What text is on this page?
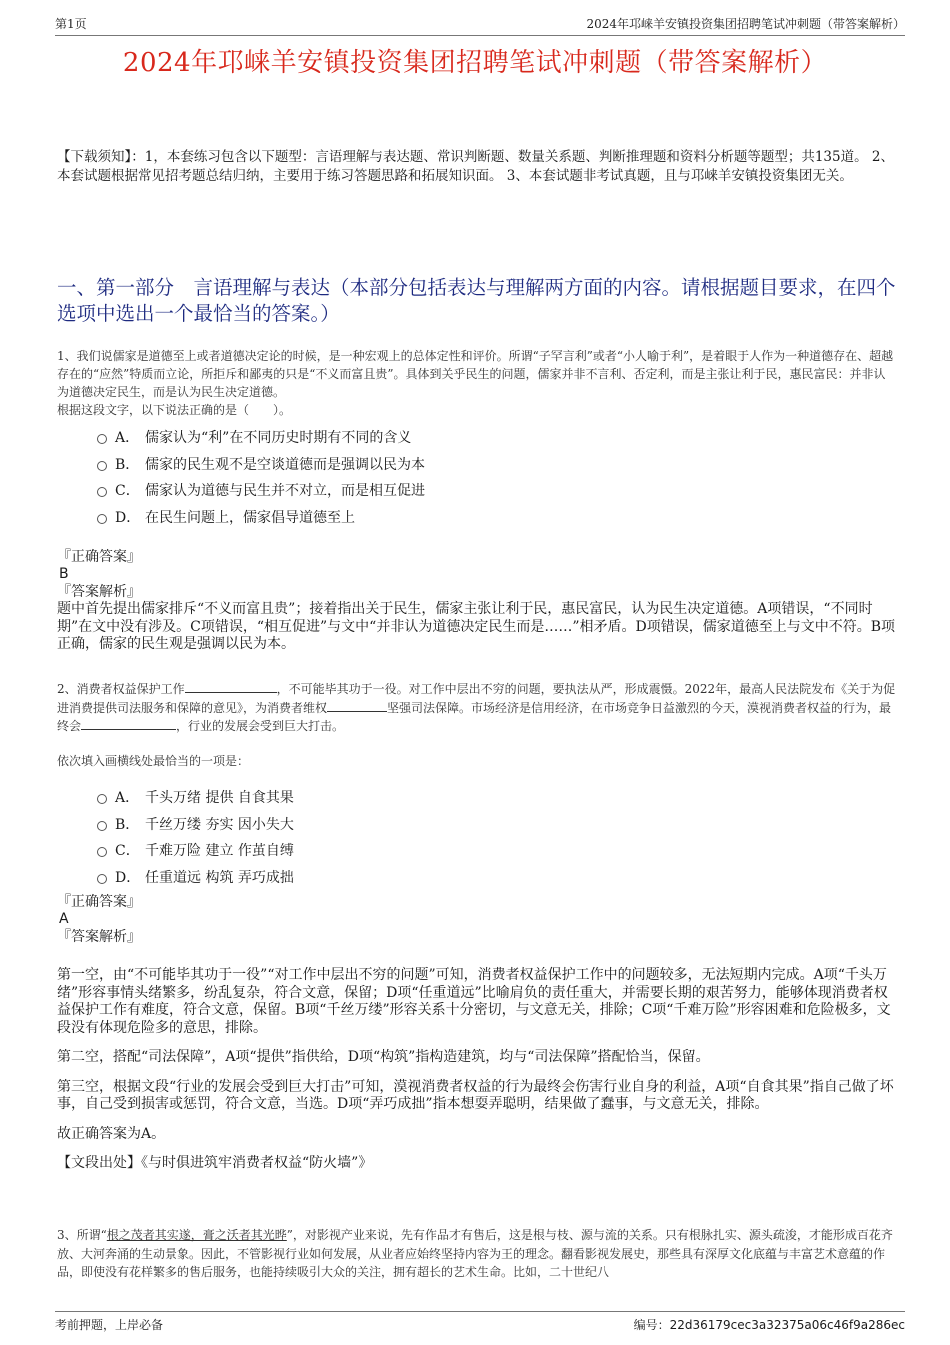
第1页	2024年邛崃羊安镇投资集团招聘笔试冲刺题（带答案解析）
2024年邛崃羊安镇投资集团招聘笔试冲刺题（带答案解析）

【下载须知】：1，本套练习包含以下题型：言语理解与表达题、常识判断题、数量关系题、判断推理题和资料分析题等题型；共135道。 2、本套试题根据常见招考题总结归纳，主要用于练习答题思路和拓展知识面。 3、本套试题非考试真题，且与邛崃羊安镇投资集团无关。

一、第一部分　言语理解与表达（本部分包括表达与理解两方面的内容。请根据题目要求，在四个选项中选出一个最恰当的答案。）

1、我们说儒家是道德至上或者道德决定论的时候，是一种宏观上的总体定性和评价。所谓“子罕言利”或者“小人喻于利”，是着眼于人作为一种道德存在、超越存在的“应然”特质而立论，所拒斥和鄙夷的只是“不义而富且贵”。具体到关乎民生的问题，儒家并非不言利、否定利，而是主张让利于民，惠民富民：并非认为道德决定民生，而是认为民生决定道德。

根据这段文字，以下说法正确的是（　　）。

A． 儒家认为“利”在不同历史时期有不同的含义
B． 儒家的民生观不是空谈道德而是强调以民为本
C． 儒家认为道德与民生并不对立，而是相互促进
D． 在民生问题上，儒家倡导道德至上

『正确答案』

B

『答案解析』

题中首先提出儒家排斥“不义而富且贵”；接着指出关于民生，儒家主张让利于民，惠民富民，认为民生决定道德。A项错误，“不同时期”在文中没有涉及。C项错误，“相互促进”与文中“并非认为道德决定民生而是……”相矛盾。D项错误，儒家道德至上与文中不符。B项正确，儒家的民生观是强调以民为本。

2、消费者权益保护工作	，不可能毕其功于一役。对工作中层出不穷的问题，要执法从严，形成震慑。2022年，最高人民法院发布《关于为促进消费提供司法服务和保障的意见》，为消费者维权	坚强司法保障。市场经济是信用经济，在市场竞争日益激烈的今天，漠视消费者权益的行为，最终会	，行业的发展会受到巨大打击。

依次填入画横线处最恰当的一项是：

A． 千头万绪 提供 自食其果
B． 千丝万缕 夯实 因小失大
C． 千难万险 建立 作茧自缚
D． 任重道远 构筑 弄巧成拙

『正确答案』

A

『答案解析』

第一空，由“不可能毕其功于一役”“对工作中层出不穷的问题”可知，消费者权益保护工作中的问题较多，无法短期内完成。A项“千头万绪”形容事情头绪繁多，纷乱复杂，符合文意，保留；D项“任重道远”比喻肩负的责任重大，并需要长期的艰苦努力，能够体现消费者权益保护工作有难度，符合文意，保留。B项“千丝万缕”形容关系十分密切，与文意无关，排除；C项“千难万险”形容困难和危险极多，文段没有体现危险多的意思，排除。

第二空，搭配“司法保障”，A项“提供”指供给，D项“构筑”指构造建筑，均与“司法保障”搭配恰当，保留。

第三空，根据文段“行业的发展会受到巨大打击”可知，漠视消费者权益的行为最终会伤害行业自身的利益，A项“自食其果”指自己做了坏事，自己受到损害或惩罚，符合文意，当选。D项“弄巧成拙”指本想耍弄聪明，结果做了蠢事，与文意无关，排除。

故正确答案为A。

【文段出处】《与时俱进筑牢消费者权益“防火墙”》

3、所谓“根之茂者其实遂，膏之沃者其光晔”，对影视产业来说，先有作品才有售后，这是根与枝、源与流的关系。只有根脉扎实、源头疏浚，才能形成百花齐放、大河奔涌的生动景象。因此，不管影视行业如何发展，从业者应始终坚持内容为王的理念。翻看影视发展史，那些具有深厚文化底蕴与丰富艺术意蕴的作品，即使没有花样繁多的售后服务，也能持续吸引大众的关注，拥有超长的艺术生命。比如，二十世纪八

考前押题，上岸必备	编号：22d36179cec3a32375a06c46f9a286ec
